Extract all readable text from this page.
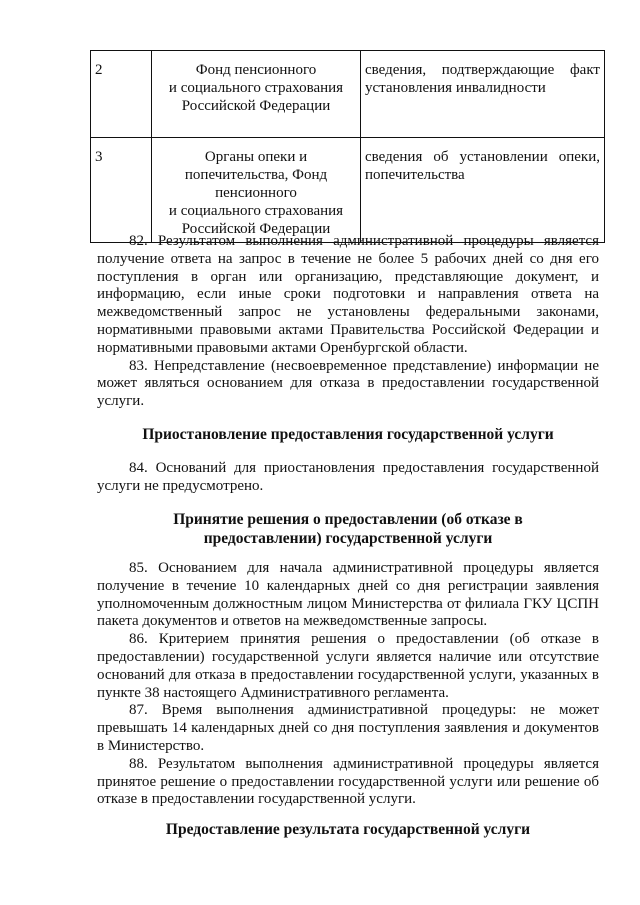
2	Фонд пенсионного
и социального страхования
Российской Федерации	сведения, подтверждающие факт установления инвалидности
3	Органы опеки и
попечительства, Фонд
пенсионного
и социального страхования
Российской Федерации	сведения об установлении опеки, попечительства

82. Результатом выполнения административной процедуры является получение ответа на запрос в течение не более 5 рабочих дней со дня его поступления в орган или организацию, представляющие документ, и информацию, если иные сроки подготовки и направления ответа на межведомственный запрос не установлены федеральными законами, нормативными правовыми актами Правительства Российской Федерации и нормативными правовыми актами Оренбургской области.

83. Непредставление (несвоевременное представление) информации не может являться основанием для отказа в предоставлении государственной услуги.

Приостановление предоставления государственной услуги

84. Оснований для приостановления предоставления государственной услуги не предусмотрено.

Принятие решения о предоставлении (об отказе в предоставлении) государственной услуги

85. Основанием для начала административной процедуры является получение в течение 10 календарных дней со дня регистрации заявления уполномоченным должностным лицом Министерства от филиала ГКУ ЦСПН пакета документов и ответов на межведомственные запросы.

86. Критерием принятия решения о предоставлении (об отказе в предоставлении) государственной услуги является наличие или отсутствие оснований для отказа в предоставлении государственной услуги, указанных в пункте 38 настоящего Административного регламента.

87. Время выполнения административной процедуры: не может превышать 14 календарных дней со дня поступления заявления и документов в Министерство.

88. Результатом выполнения административной процедуры является принятое решение о предоставлении государственной услуги или решение об отказе в предоставлении государственной услуги.

Предоставление результата государственной услуги
